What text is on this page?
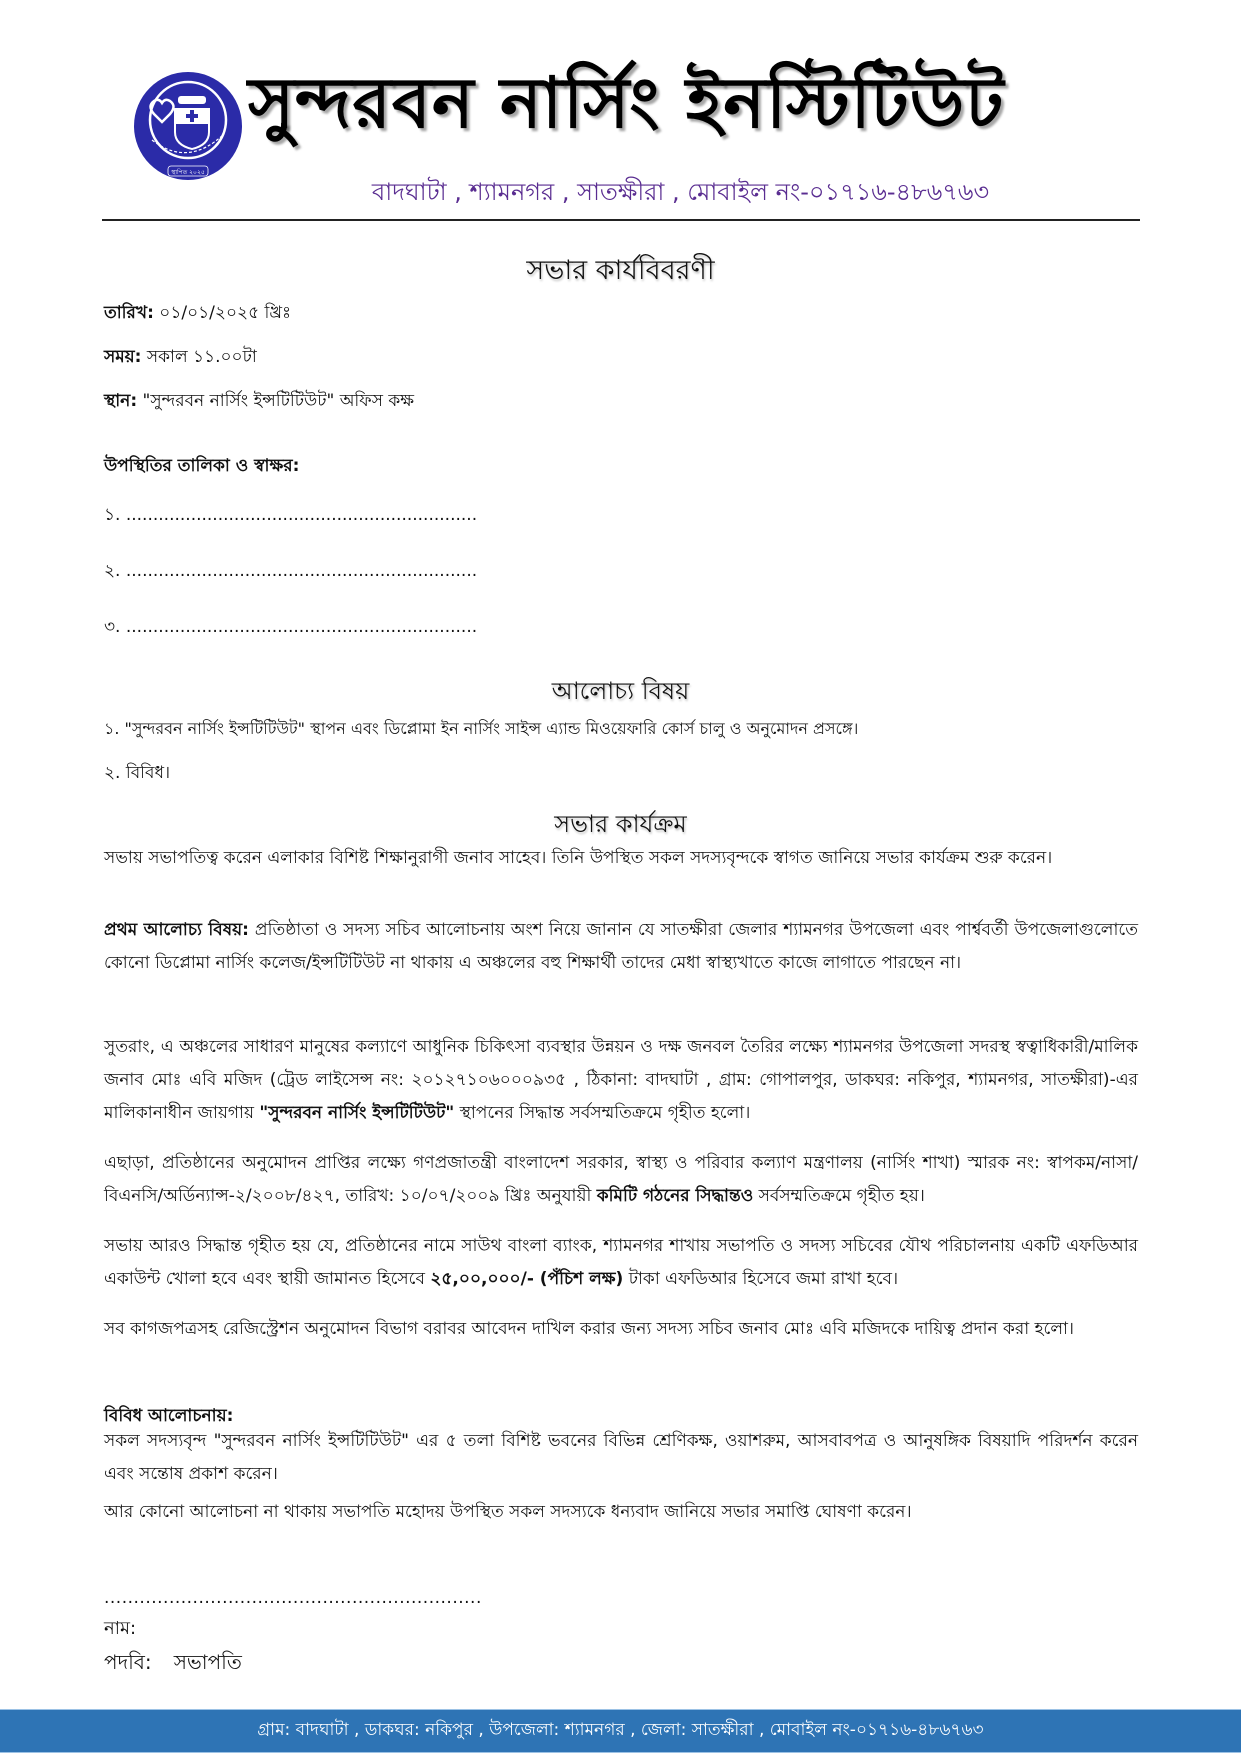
স্থাপিত ২০২৫
সুন্দরবন নার্সিং ইনস্টিটিউট
বাদঘাটা , শ্যামনগর , সাতক্ষীরা , মোবাইল নং-০১৭১৬-৪৮৬৭৬৩
সভার কার্যবিবরণী
তারিখ: ০১/০১/২০২৫ খ্রিঃ
সময়: সকাল ১১.০০টা
স্থান: "সুন্দরবন নার্সিং ইন্সটিটিউট" অফিস কক্ষ
উপস্থিতির তালিকা ও স্বাক্ষর:
১. .................................................................
২. .................................................................
৩. .................................................................
আলোচ্য বিষয়
১. "সুন্দরবন নার্সিং ইন্সটিটিউট" স্থাপন এবং ডিপ্লোমা ইন নার্সিং সাইন্স এ্যান্ড মিওয়েফারি কোর্স চালু ও অনুমোদন প্রসঙ্গে।
২. বিবিধ।
সভার কার্যক্রম
সভায় সভাপতিত্ব করেন এলাকার বিশিষ্ট শিক্ষানুরাগী জনাব সাহেব। তিনি উপস্থিত সকল সদস্যবৃন্দকে স্বাগত জানিয়ে সভার কার্যক্রম শুরু করেন।
প্রথম আলোচ্য বিষয়: প্রতিষ্ঠাতা ও সদস্য সচিব আলোচনায় অংশ নিয়ে জানান যে সাতক্ষীরা জেলার শ্যামনগর উপজেলা এবং পার্শ্ববর্তী উপজেলাগুলোতে কোনো ডিপ্লোমা নার্সিং কলেজ/ইন্সটিটিউট না থাকায় এ অঞ্চলের বহু শিক্ষার্থী তাদের মেধা স্বাস্থ্যখাতে কাজে লাগাতে পারছেন না।
সুতরাং, এ অঞ্চলের সাধারণ মানুষের কল্যাণে আধুনিক চিকিৎসা ব্যবস্থার উন্নয়ন ও দক্ষ জনবল তৈরির লক্ষ্যে শ্যামনগর উপজেলা সদরস্থ স্বত্বাধিকারী/মালিক জনাব মোঃ এবি মজিদ (ট্রেড লাইসেন্স নং: ২০১২৭১০৬০০০৯৩৫ , ঠিকানা: বাদঘাটা , গ্রাম: গোপালপুর, ডাকঘর: নকিপুর, শ্যামনগর, সাতক্ষীরা)-এর মালিকানাধীন জায়গায় "সুন্দরবন নার্সিং ইন্সটিটিউট" স্থাপনের সিদ্ধান্ত সর্বসম্মতিক্রমে গৃহীত হলো।
এছাড়া, প্রতিষ্ঠানের অনুমোদন প্রাপ্তির লক্ষ্যে গণপ্রজাতন্ত্রী বাংলাদেশ সরকার, স্বাস্থ্য ও পরিবার কল্যাণ মন্ত্রণালয় (নার্সিং শাখা) স্মারক নং: স্বাপকম/নাসা/বিএনসি/অর্ডিন্যান্স-২/২০০৮/৪২৭, তারিখ: ১০/০৭/২০০৯ খ্রিঃ অনুযায়ী কমিটি গঠনের সিদ্ধান্তও সর্বসম্মতিক্রমে গৃহীত হয়।
সভায় আরও সিদ্ধান্ত গৃহীত হয় যে, প্রতিষ্ঠানের নামে সাউথ বাংলা ব্যাংক, শ্যামনগর শাখায় সভাপতি ও সদস্য সচিবের যৌথ পরিচালনায় একটি এফডিআর একাউন্ট খোলা হবে এবং স্থায়ী জামানত হিসেবে ২৫,০০,০০০/- (পঁচিশ লক্ষ) টাকা এফডিআর হিসেবে জমা রাখা হবে।
সব কাগজপত্রসহ রেজিস্ট্রেশন অনুমোদন বিভাগ বরাবর আবেদন দাখিল করার জন্য সদস্য সচিব জনাব মোঃ এবি মজিদকে দায়িত্ব প্রদান করা হলো।
বিবিধ আলোচনায়:
সকল সদস্যবৃন্দ "সুন্দরবন নার্সিং ইন্সটিটিউট" এর ৫ তলা বিশিষ্ট ভবনের বিভিন্ন শ্রেণিকক্ষ, ওয়াশরুম, আসবাবপত্র ও আনুষঙ্গিক বিষয়াদি পরিদর্শন করেন এবং সন্তোষ প্রকাশ করেন।
আর কোনো আলোচনা না থাকায় সভাপতি মহোদয় উপস্থিত সকল সদস্যকে ধন্যবাদ জানিয়ে সভার সমাপ্তি ঘোষণা করেন।
................................................................
নাম:
পদবি: সভাপতি
গ্রাম: বাদঘাটা , ডাকঘর: নকিপুর , উপজেলা: শ্যামনগর , জেলা: সাতক্ষীরা , মোবাইল নং-০১৭১৬-৪৮৬৭৬৩
